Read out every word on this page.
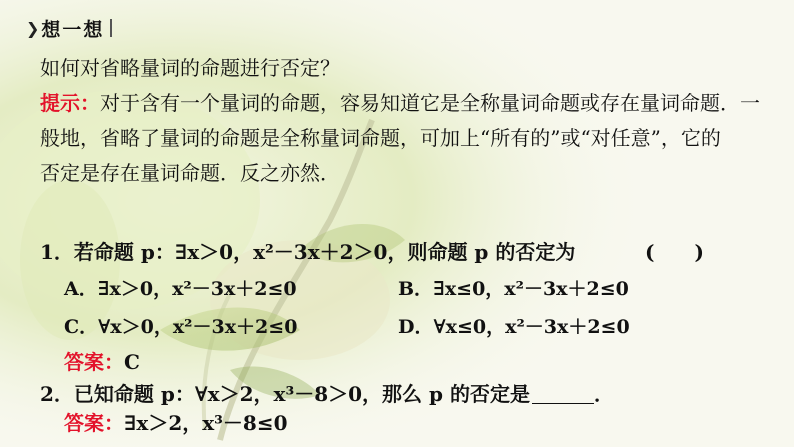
❯ 想一想
如何对省略量词的命题进行否定？
提示：对于含有一个量词的命题，容易知道它是全称量词命题或存在量词命题．一
般地，省略了量词的命题是全称量词命题，可加上“所有的”或“对任意”，它的
否定是存在量词命题．反之亦然．
1．若命题 p：∃x＞0，x²－3x＋2＞0，则命题 p 的否定为	(　　)
A．∃x＞0，x²－3x＋2≤0	B．∃x≤0，x²－3x＋2≤0
C．∀x＞0，x²－3x＋2≤0	D．∀x≤0，x²－3x＋2≤0
答案：C
2．已知命题 p：∀x＞2，x³－8＞0，那么 p 的否定是	．
答案：∃x＞2，x³－8≤0
